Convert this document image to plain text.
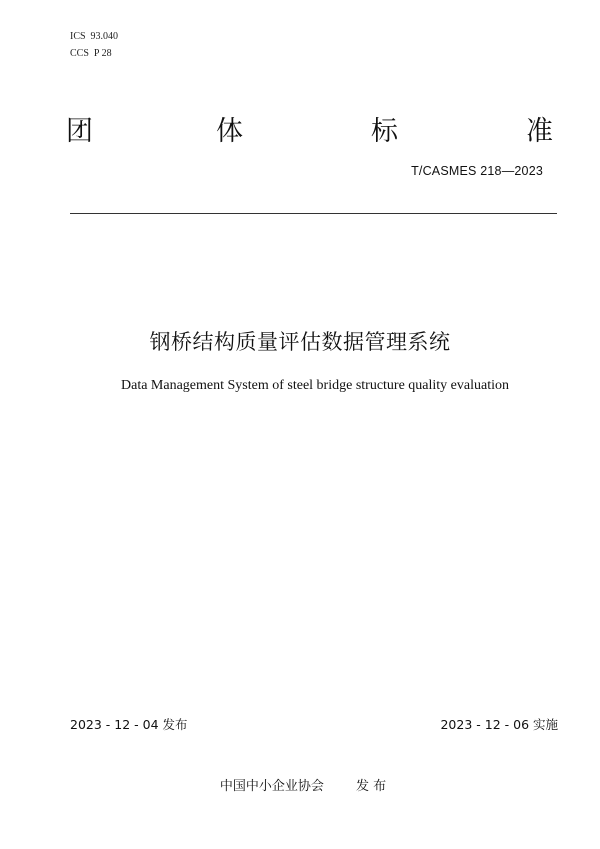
ICS  93.040
CCS  P 28
团	体	标	准
T/CASMES 218—2023
钢桥结构质量评估数据管理系统
Data Management System of steel bridge structure quality evaluation
2023 - 12 - 04 发布	2023 - 12 - 06 实施
中国中小企业协会 发 布
